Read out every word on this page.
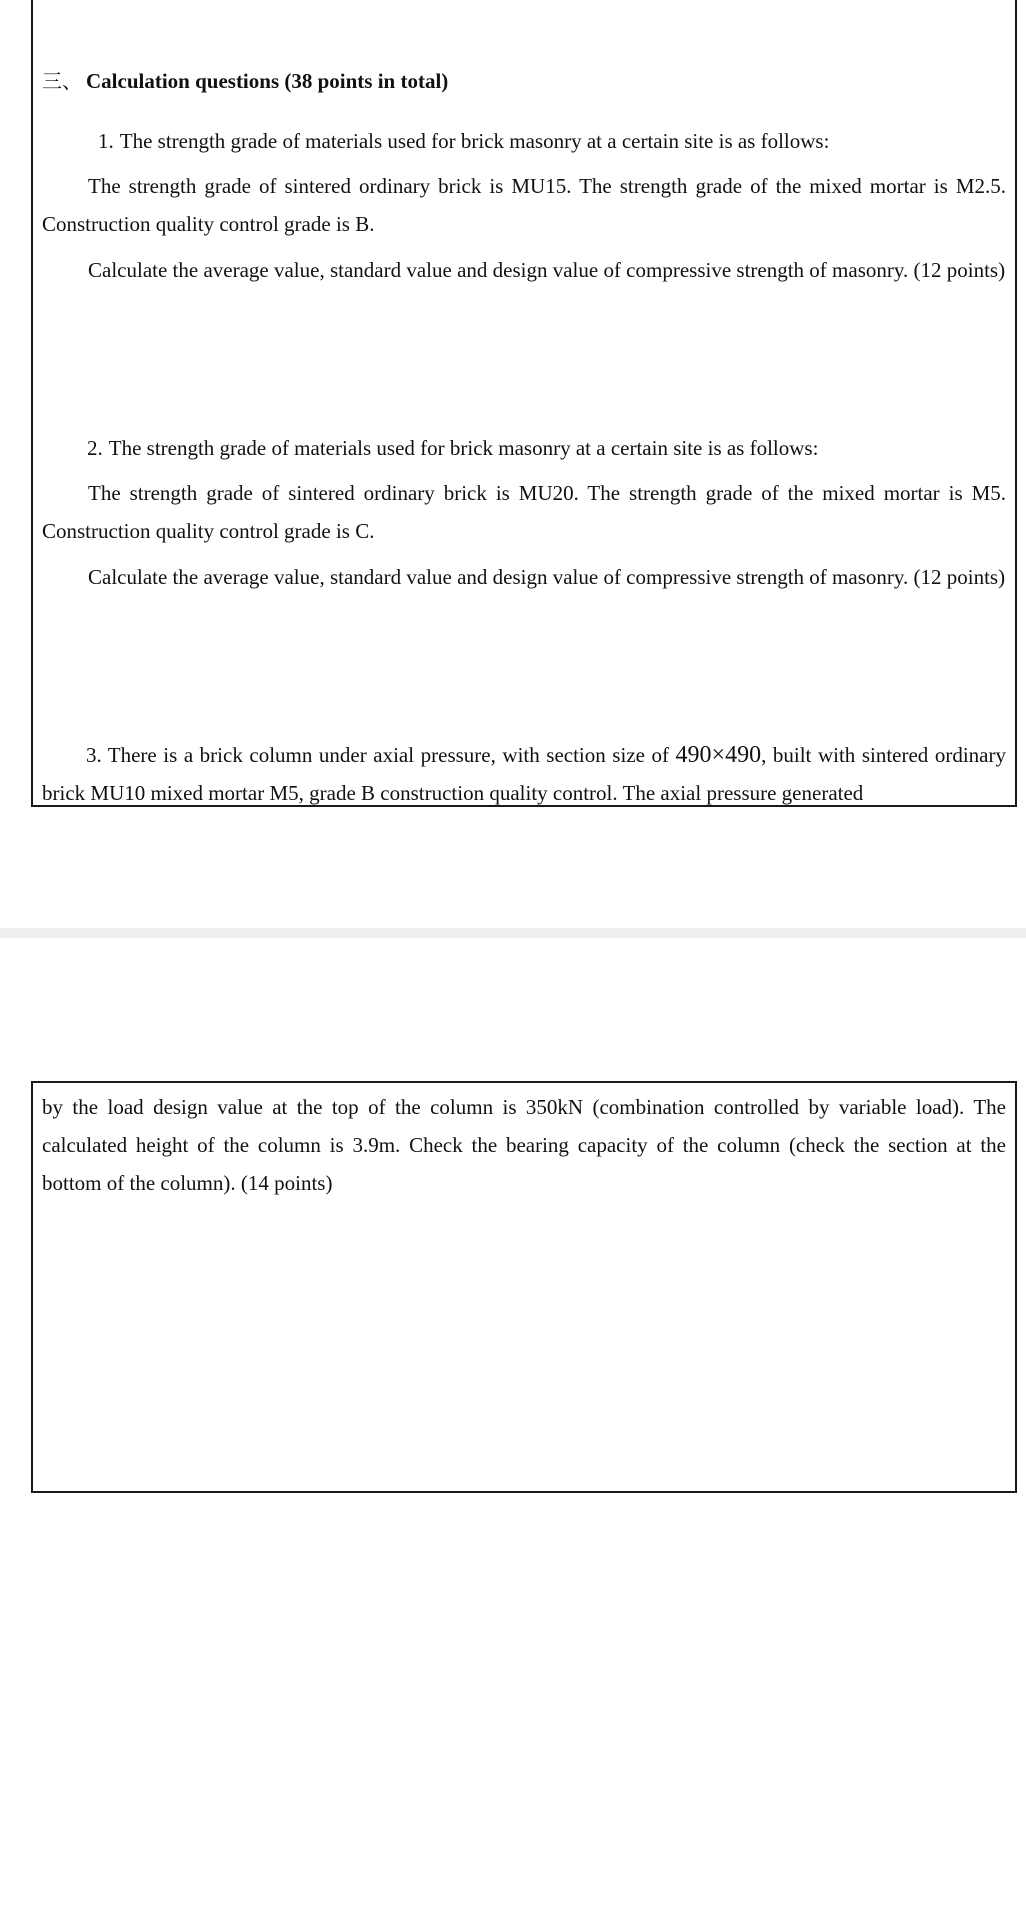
三、 Calculation questions (38 points in total)
1. The strength grade of materials used for brick masonry at a certain site is as follows:

The strength grade of sintered ordinary brick is MU15. The strength grade of the mixed mortar is M2.5. Construction quality control grade is B.

Calculate the average value, standard value and design value of compressive strength of masonry. (12 points)

2. The strength grade of materials used for brick masonry at a certain site is as follows:

The strength grade of sintered ordinary brick is MU20. The strength grade of the mixed mortar is M5. Construction quality control grade is C.

Calculate the average value, standard value and design value of compressive strength of masonry. (12 points)

3. There is a brick column under axial pressure, with section size of 490×490, built with sintered ordinary brick MU10 mixed mortar M5, grade B construction quality control. The axial pressure generated

by the load design value at the top of the column is 350kN (combination controlled by variable load). The calculated height of the column is 3.9m. Check the bearing capacity of the column (check the section at the bottom of the column). (14 points)
